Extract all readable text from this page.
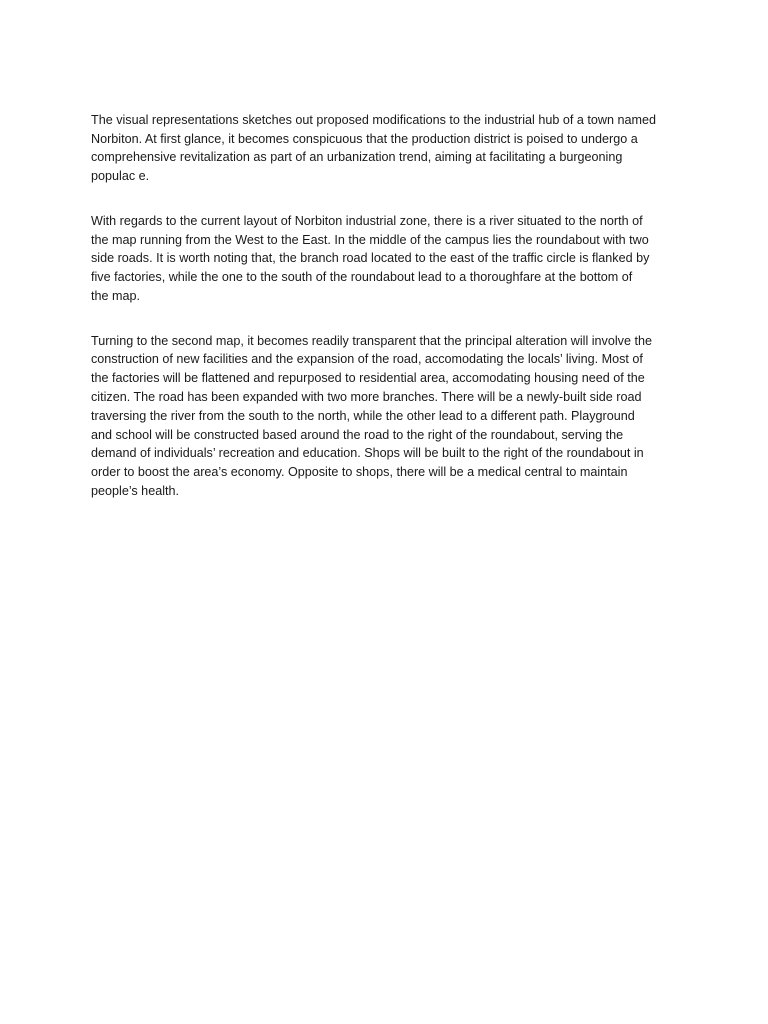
The visual representations sketches out proposed modifications to the industrial hub of a town named
Norbiton. At first glance, it becomes conspicuous that the production district is poised to undergo a
comprehensive revitalization as part of an urbanization trend, aiming at facilitating a burgeoning
populac e.

With regards to the current layout of Norbiton industrial zone, there is a river situated to the north of
the map running from the West to the East. In the middle of the campus lies the roundabout with two
side roads. It is worth noting that, the branch road located to the east of the traffic circle is flanked by
five factories, while the one to the south of the roundabout lead to a thoroughfare at the bottom of
the map.

Turning to the second map, it becomes readily transparent that the principal alteration will involve the
construction of new facilities and the expansion of the road, accomodating the locals’ living. Most of
the factories will be flattened and repurposed to residential area, accomodating housing need of the
citizen. The road has been expanded with two more branches. There will be a newly-built side road
traversing the river from the south to the north, while the other lead to a different path. Playground
and school will be constructed based around the road to the right of the roundabout, serving the
demand of individuals’ recreation and education. Shops will be built to the right of the roundabout in
order to boost the area’s economy. Opposite to shops, there will be a medical central to maintain
people’s health.
